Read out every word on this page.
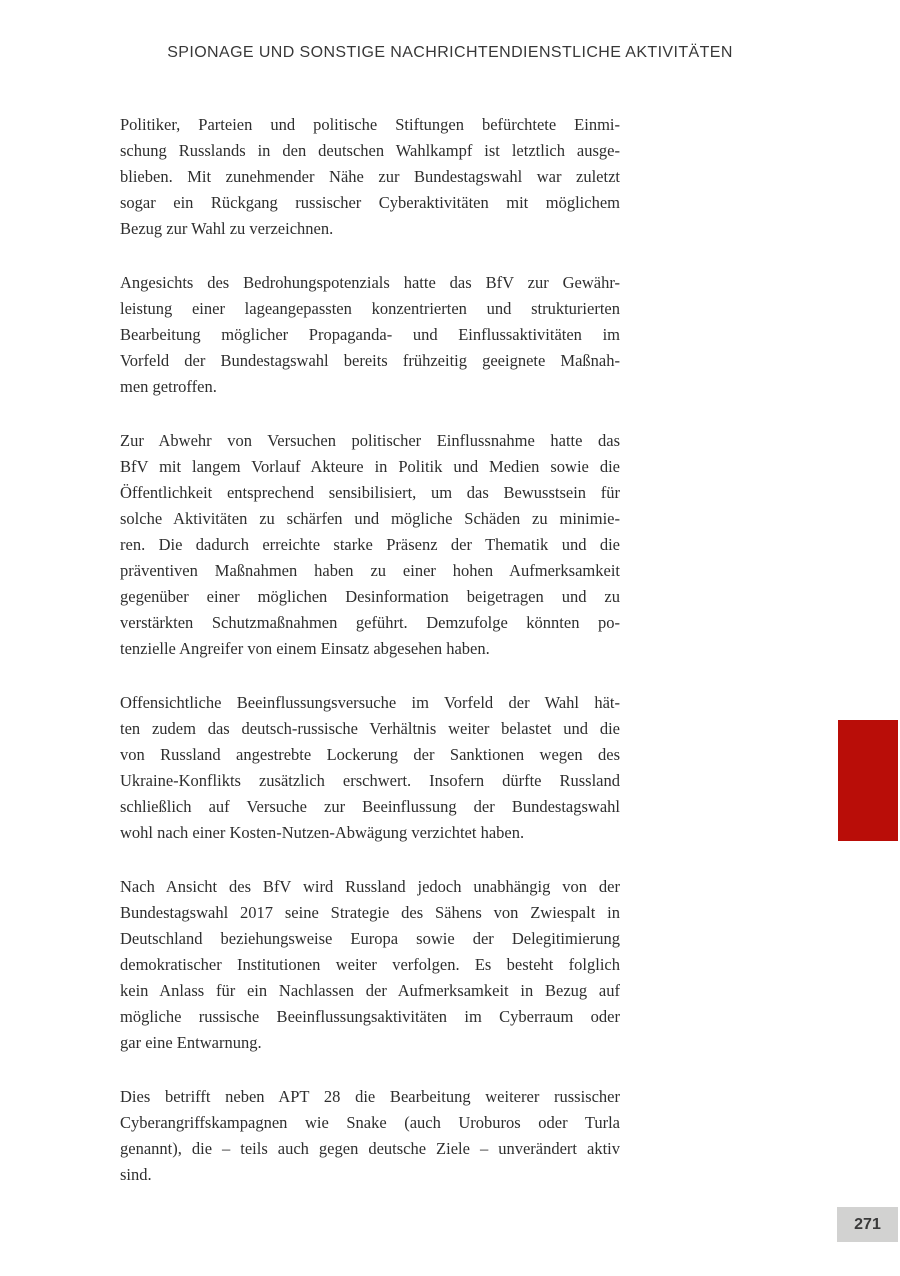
SPIONAGE UND SONSTIGE NACHRICHTENDIENSTLICHE AKTIVITÄTEN
Politiker, Parteien und politische Stiftungen befürchtete Einmi-
schung Russlands in den deutschen Wahlkampf ist letztlich ausge-
blieben. Mit zunehmender Nähe zur Bundestagswahl war zuletzt
sogar ein Rückgang russischer Cyberaktivitäten mit möglichem
Bezug zur Wahl zu verzeichnen.
Angesichts des Bedrohungspotenzials hatte das BfV zur Gewähr-
leistung einer lageangepassten konzentrierten und strukturierten
Bearbeitung möglicher Propaganda- und Einflussaktivitäten im
Vorfeld der Bundestagswahl bereits frühzeitig geeignete Maßnah-
men getroffen.
Zur Abwehr von Versuchen politischer Einflussnahme hatte das
BfV mit langem Vorlauf Akteure in Politik und Medien sowie die
Öffentlichkeit entsprechend sensibilisiert, um das Bewusstsein für
solche Aktivitäten zu schärfen und mögliche Schäden zu minimie-
ren. Die dadurch erreichte starke Präsenz der Thematik und die
präventiven Maßnahmen haben zu einer hohen Aufmerksamkeit
gegenüber einer möglichen Desinformation beigetragen und zu
verstärkten Schutzmaßnahmen geführt. Demzufolge könnten po-
tenzielle Angreifer von einem Einsatz abgesehen haben.
Offensichtliche Beeinflussungsversuche im Vorfeld der Wahl hät-
ten zudem das deutsch-russische Verhältnis weiter belastet und die
von Russland angestrebte Lockerung der Sanktionen wegen des
Ukraine-Konflikts zusätzlich erschwert. Insofern dürfte Russland
schließlich auf Versuche zur Beeinflussung der Bundestagswahl
wohl nach einer Kosten-Nutzen-Abwägung verzichtet haben.
Nach Ansicht des BfV wird Russland jedoch unabhängig von der
Bundestagswahl 2017 seine Strategie des Sähens von Zwiespalt in
Deutschland beziehungsweise Europa sowie der Delegitimierung
demokratischer Institutionen weiter verfolgen. Es besteht folglich
kein Anlass für ein Nachlassen der Aufmerksamkeit in Bezug auf
mögliche russische Beeinflussungsaktivitäten im Cyberraum oder
gar eine Entwarnung.
Dies betrifft neben APT 28 die Bearbeitung weiterer russischer
Cyberangriffskampagnen wie Snake (auch Uroburos oder Turla
genannt), die – teils auch gegen deutsche Ziele – unverändert aktiv
sind.
271
